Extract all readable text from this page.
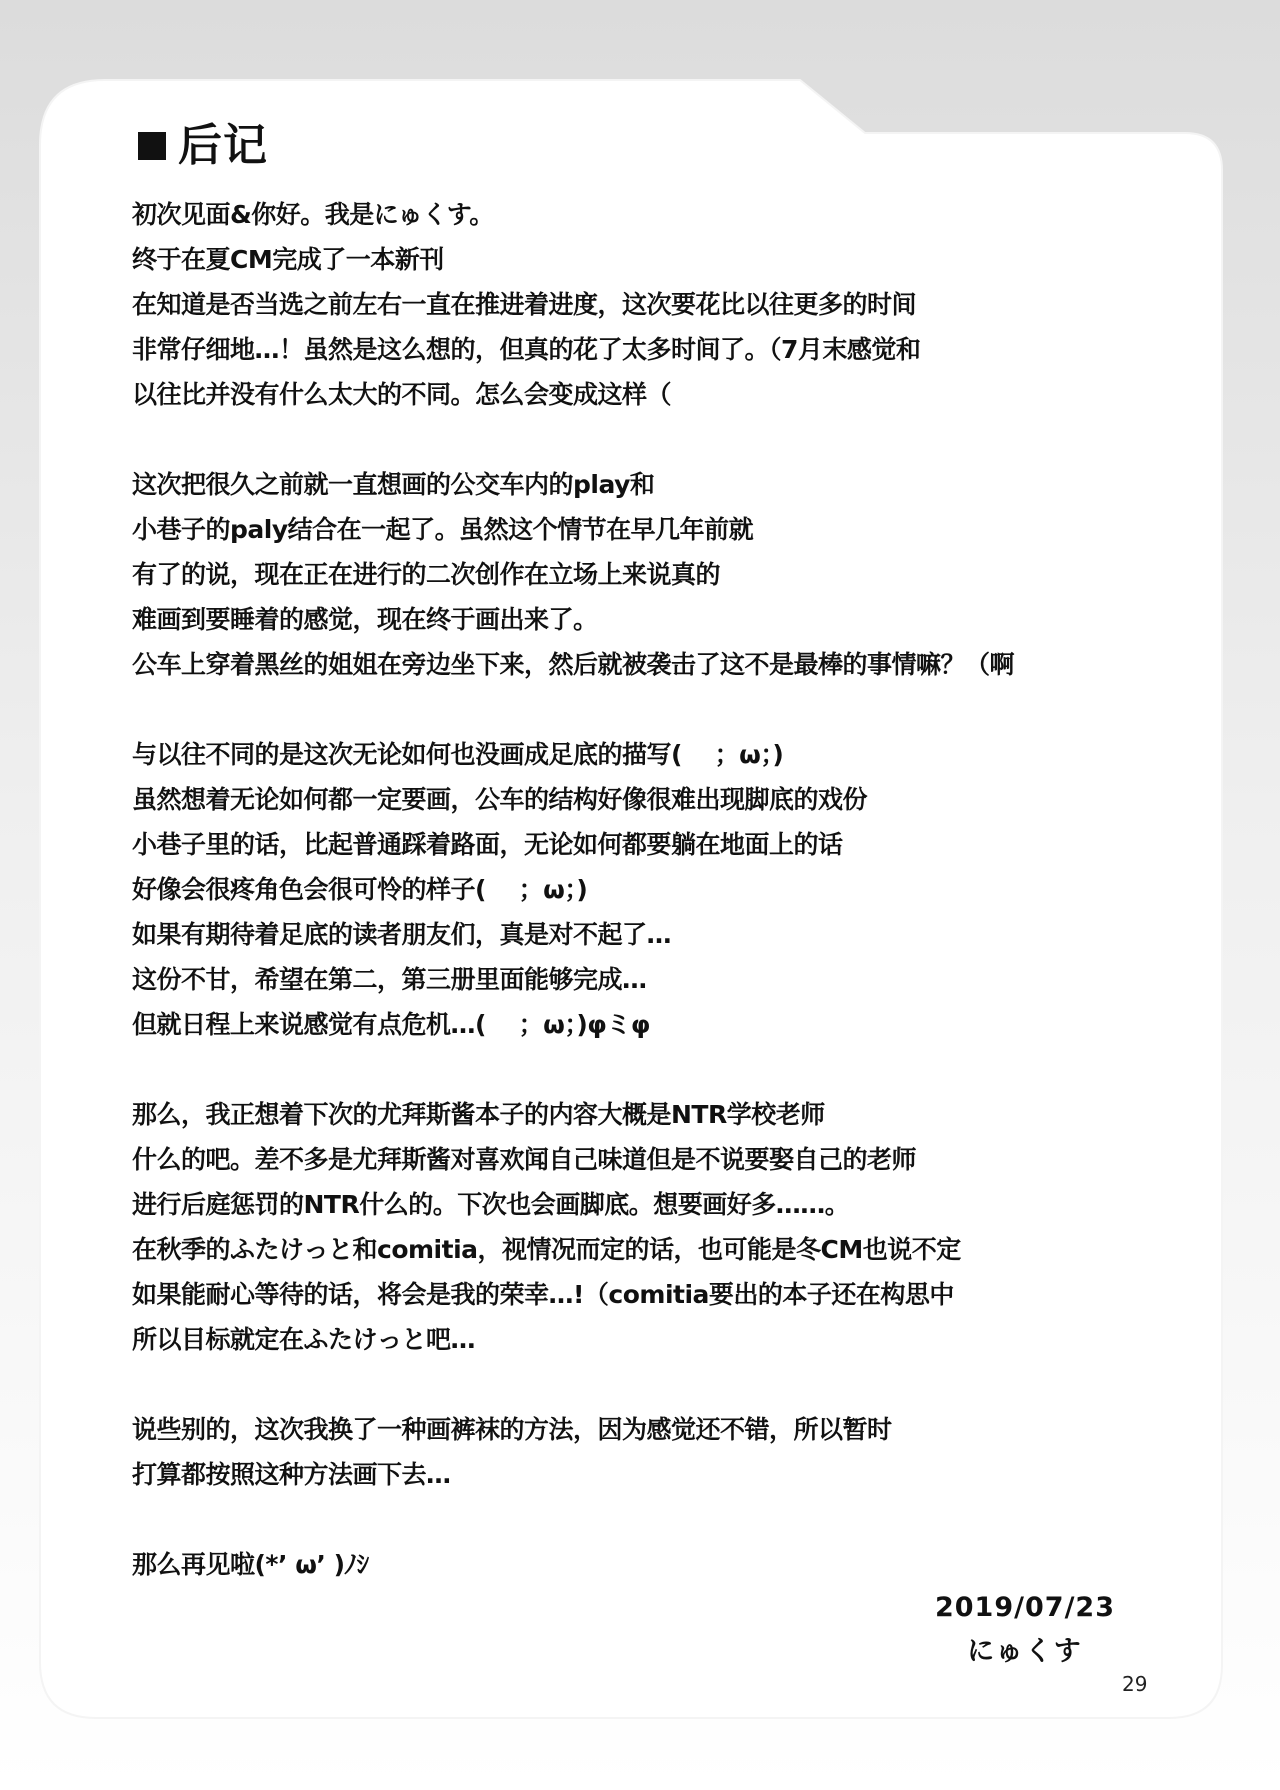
后记
初次见面&你好。我是にゅくす。
终于在夏CM完成了一本新刊
在知道是否当选之前左右一直在推进着进度，这次要花比以往更多的时间
非常仔细地…！虽然是这么想的，但真的花了太多时间了。（7月末感觉和
以往比并没有什么太大的不同。怎么会变成这样（
这次把很久之前就一直想画的公交车内的play和
小巷子的paly结合在一起了。虽然这个情节在早几年前就
有了的说，现在正在进行的二次创作在立场上来说真的
难画到要睡着的感觉，现在终于画出来了。
公车上穿着黑丝的姐姐在旁边坐下来，然后就被袭击了这不是最棒的事情嘛？（啊
与以往不同的是这次无论如何也没画成足底的描写(　 ；ω；)
虽然想着无论如何都一定要画，公车的结构好像很难出现脚底的戏份
小巷子里的话，比起普通踩着路面，无论如何都要躺在地面上的话
好像会很疼角色会很可怜的样子(　 ；ω；)
如果有期待着足底的读者朋友们，真是对不起了…
这份不甘，希望在第二，第三册里面能够完成…
但就日程上来说感觉有点危机…(　 ；ω；)φミφ
那么，我正想着下次的尤拜斯酱本子的内容大概是NTR学校老师
什么的吧。差不多是尤拜斯酱对喜欢闻自己味道但是不说要娶自己的老师
进行后庭惩罚的NTR什么的。下次也会画脚底。想要画好多……。
在秋季的ふたけっと和comitia，视情况而定的话，也可能是冬CM也说不定
如果能耐心等待的话，将会是我的荣幸…!（comitia要出的本子还在构思中
所以目标就定在ふたけっと吧…
说些别的，这次我换了一种画裤袜的方法，因为感觉还不错，所以暂时
打算都按照这种方法画下去…
那么再见啦(*’ ω’ )ﾉｼ
2019/07/23
にゅくす
29
